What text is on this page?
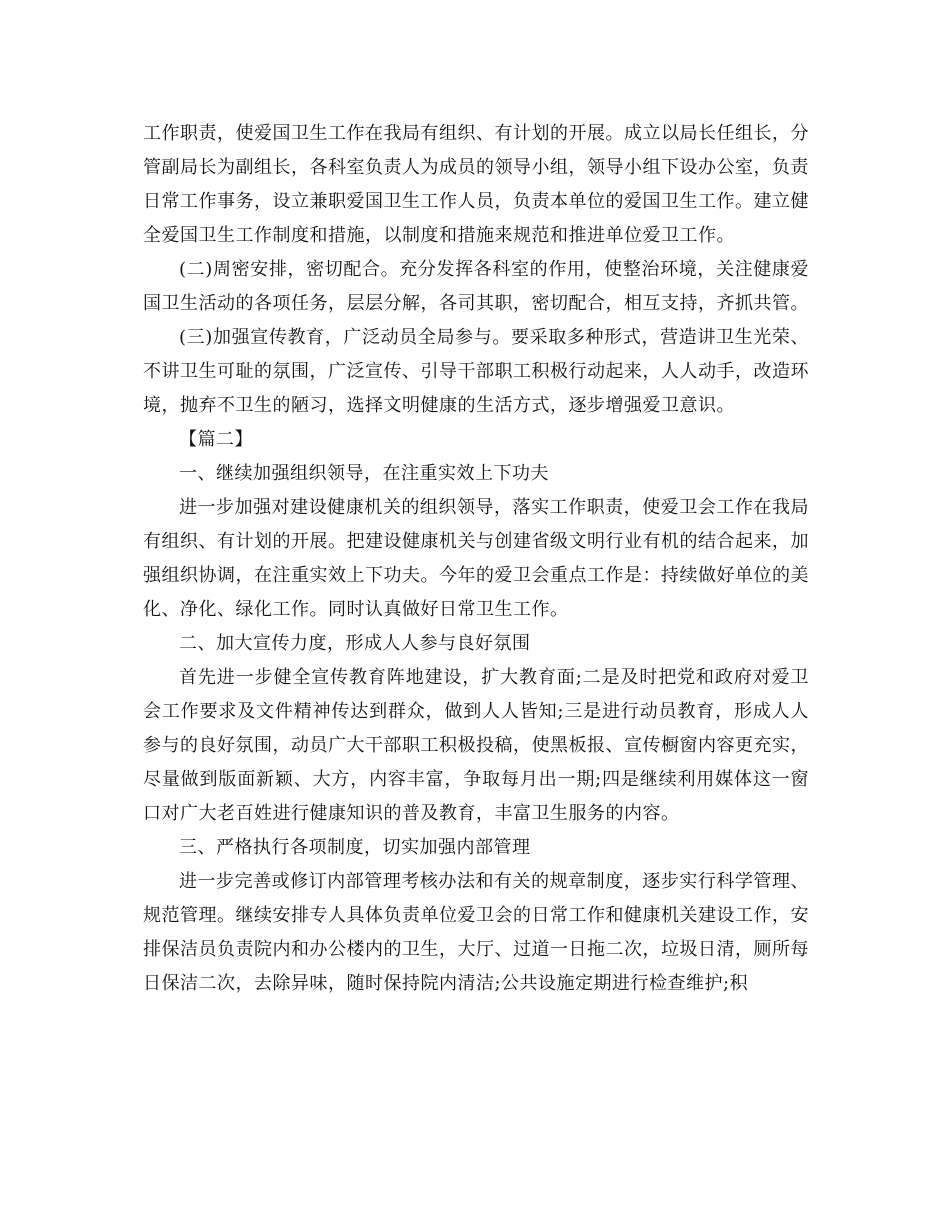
工作职责，使爱国卫生工作在我局有组织、有计划的开展。成立以局长任组长，分管副局长为副组长，各科室负责人为成员的领导小组，领导小组下设办公室，负责日常工作事务，设立兼职爱国卫生工作人员，负责本单位的爱国卫生工作。建立健全爱国卫生工作制度和措施，以制度和措施来规范和推进单位爱卫工作。

(二)周密安排，密切配合。充分发挥各科室的作用，使整治环境，关注健康爱国卫生活动的各项任务，层层分解，各司其职，密切配合，相互支持，齐抓共管。

(三)加强宣传教育，广泛动员全局参与。要采取多种形式，营造讲卫生光荣、不讲卫生可耻的氛围，广泛宣传、引导干部职工积极行动起来，人人动手，改造环境，抛弃不卫生的陋习，选择文明健康的生活方式，逐步增强爱卫意识。

【篇二】

一、继续加强组织领导，在注重实效上下功夫

进一步加强对建设健康机关的组织领导，落实工作职责，使爱卫会工作在我局有组织、有计划的开展。把建设健康机关与创建省级文明行业有机的结合起来，加强组织协调，在注重实效上下功夫。今年的爱卫会重点工作是：持续做好单位的美化、净化、绿化工作。同时认真做好日常卫生工作。

二、加大宣传力度，形成人人参与良好氛围

首先进一步健全宣传教育阵地建设，扩大教育面;二是及时把党和政府对爱卫会工作要求及文件精神传达到群众，做到人人皆知;三是进行动员教育，形成人人参与的良好氛围，动员广大干部职工积极投稿，使黑板报、宣传橱窗内容更充实，尽量做到版面新颖、大方，内容丰富，争取每月出一期;四是继续利用媒体这一窗口对广大老百姓进行健康知识的普及教育，丰富卫生服务的内容。

三、严格执行各项制度，切实加强内部管理

进一步完善或修订内部管理考核办法和有关的规章制度，逐步实行科学管理、规范管理。继续安排专人具体负责单位爱卫会的日常工作和健康机关建设工作，安排保洁员负责院内和办公楼内的卫生，大厅、过道一日拖二次，垃圾日清，厕所每日保洁二次，去除异味，随时保持院内清洁;公共设施定期进行检查维护;积
